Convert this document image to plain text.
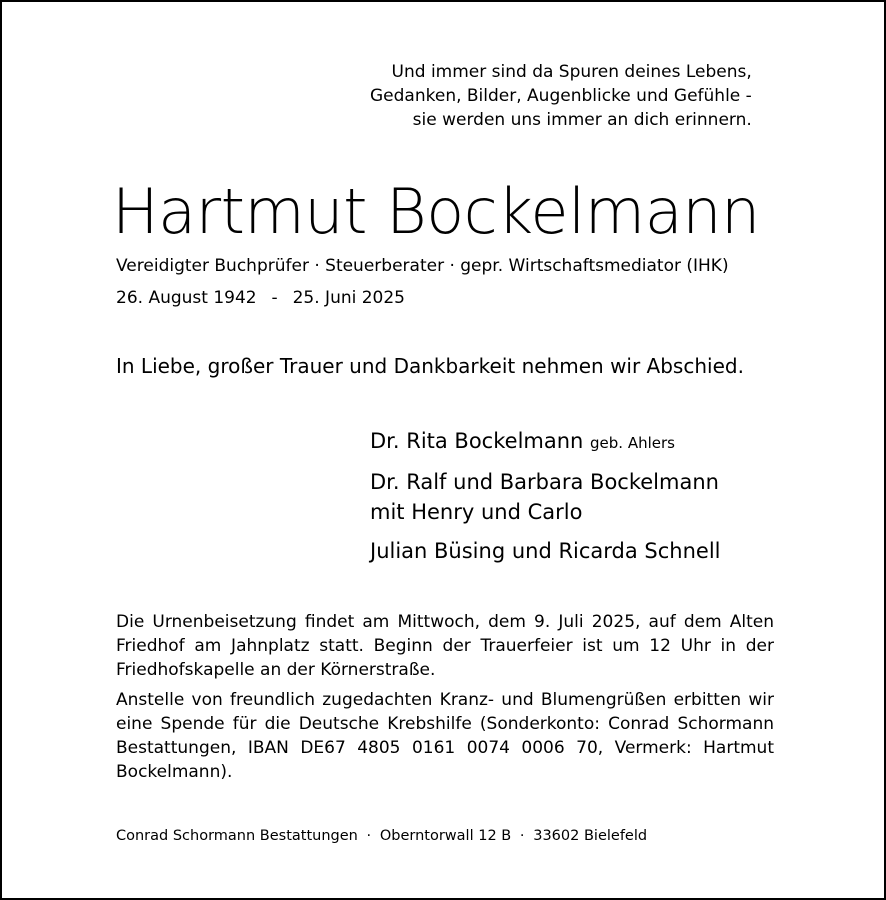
Und immer sind da Spuren deines Lebens,
Gedanken, Bilder, Augenblicke und Gefühle -
sie werden uns immer an dich erinnern.
Hartmut Bockelmann
Vereidigter Buchprüfer · Steuerberater · gepr. Wirtschaftsmediator (IHK)
26. August 1942 - 25. Juni 2025
In Liebe, großer Trauer und Dankbarkeit nehmen wir Abschied.
Dr. Rita Bockelmann geb. Ahlers
Dr. Ralf und Barbara Bockelmann
mit Henry und Carlo
Julian Büsing und Ricarda Schnell
Die Urnenbeisetzung findet am Mittwoch, dem 9. Juli 2025, auf dem Alten Friedhof am Jahnplatz statt. Beginn der Trauerfeier ist um 12 Uhr in der Friedhofskapelle an der Körnerstraße.
Anstelle von freundlich zugedachten Kranz- und Blumengrüßen erbitten wir eine Spende für die Deutsche Krebshilfe (Sonderkonto: Conrad Schormann Bestattungen, IBAN DE67 4805 0161 0074 0006 70, Vermerk: Hartmut Bockelmann).
Conrad Schormann Bestattungen · Oberntorwall 12 B · 33602 Bielefeld
